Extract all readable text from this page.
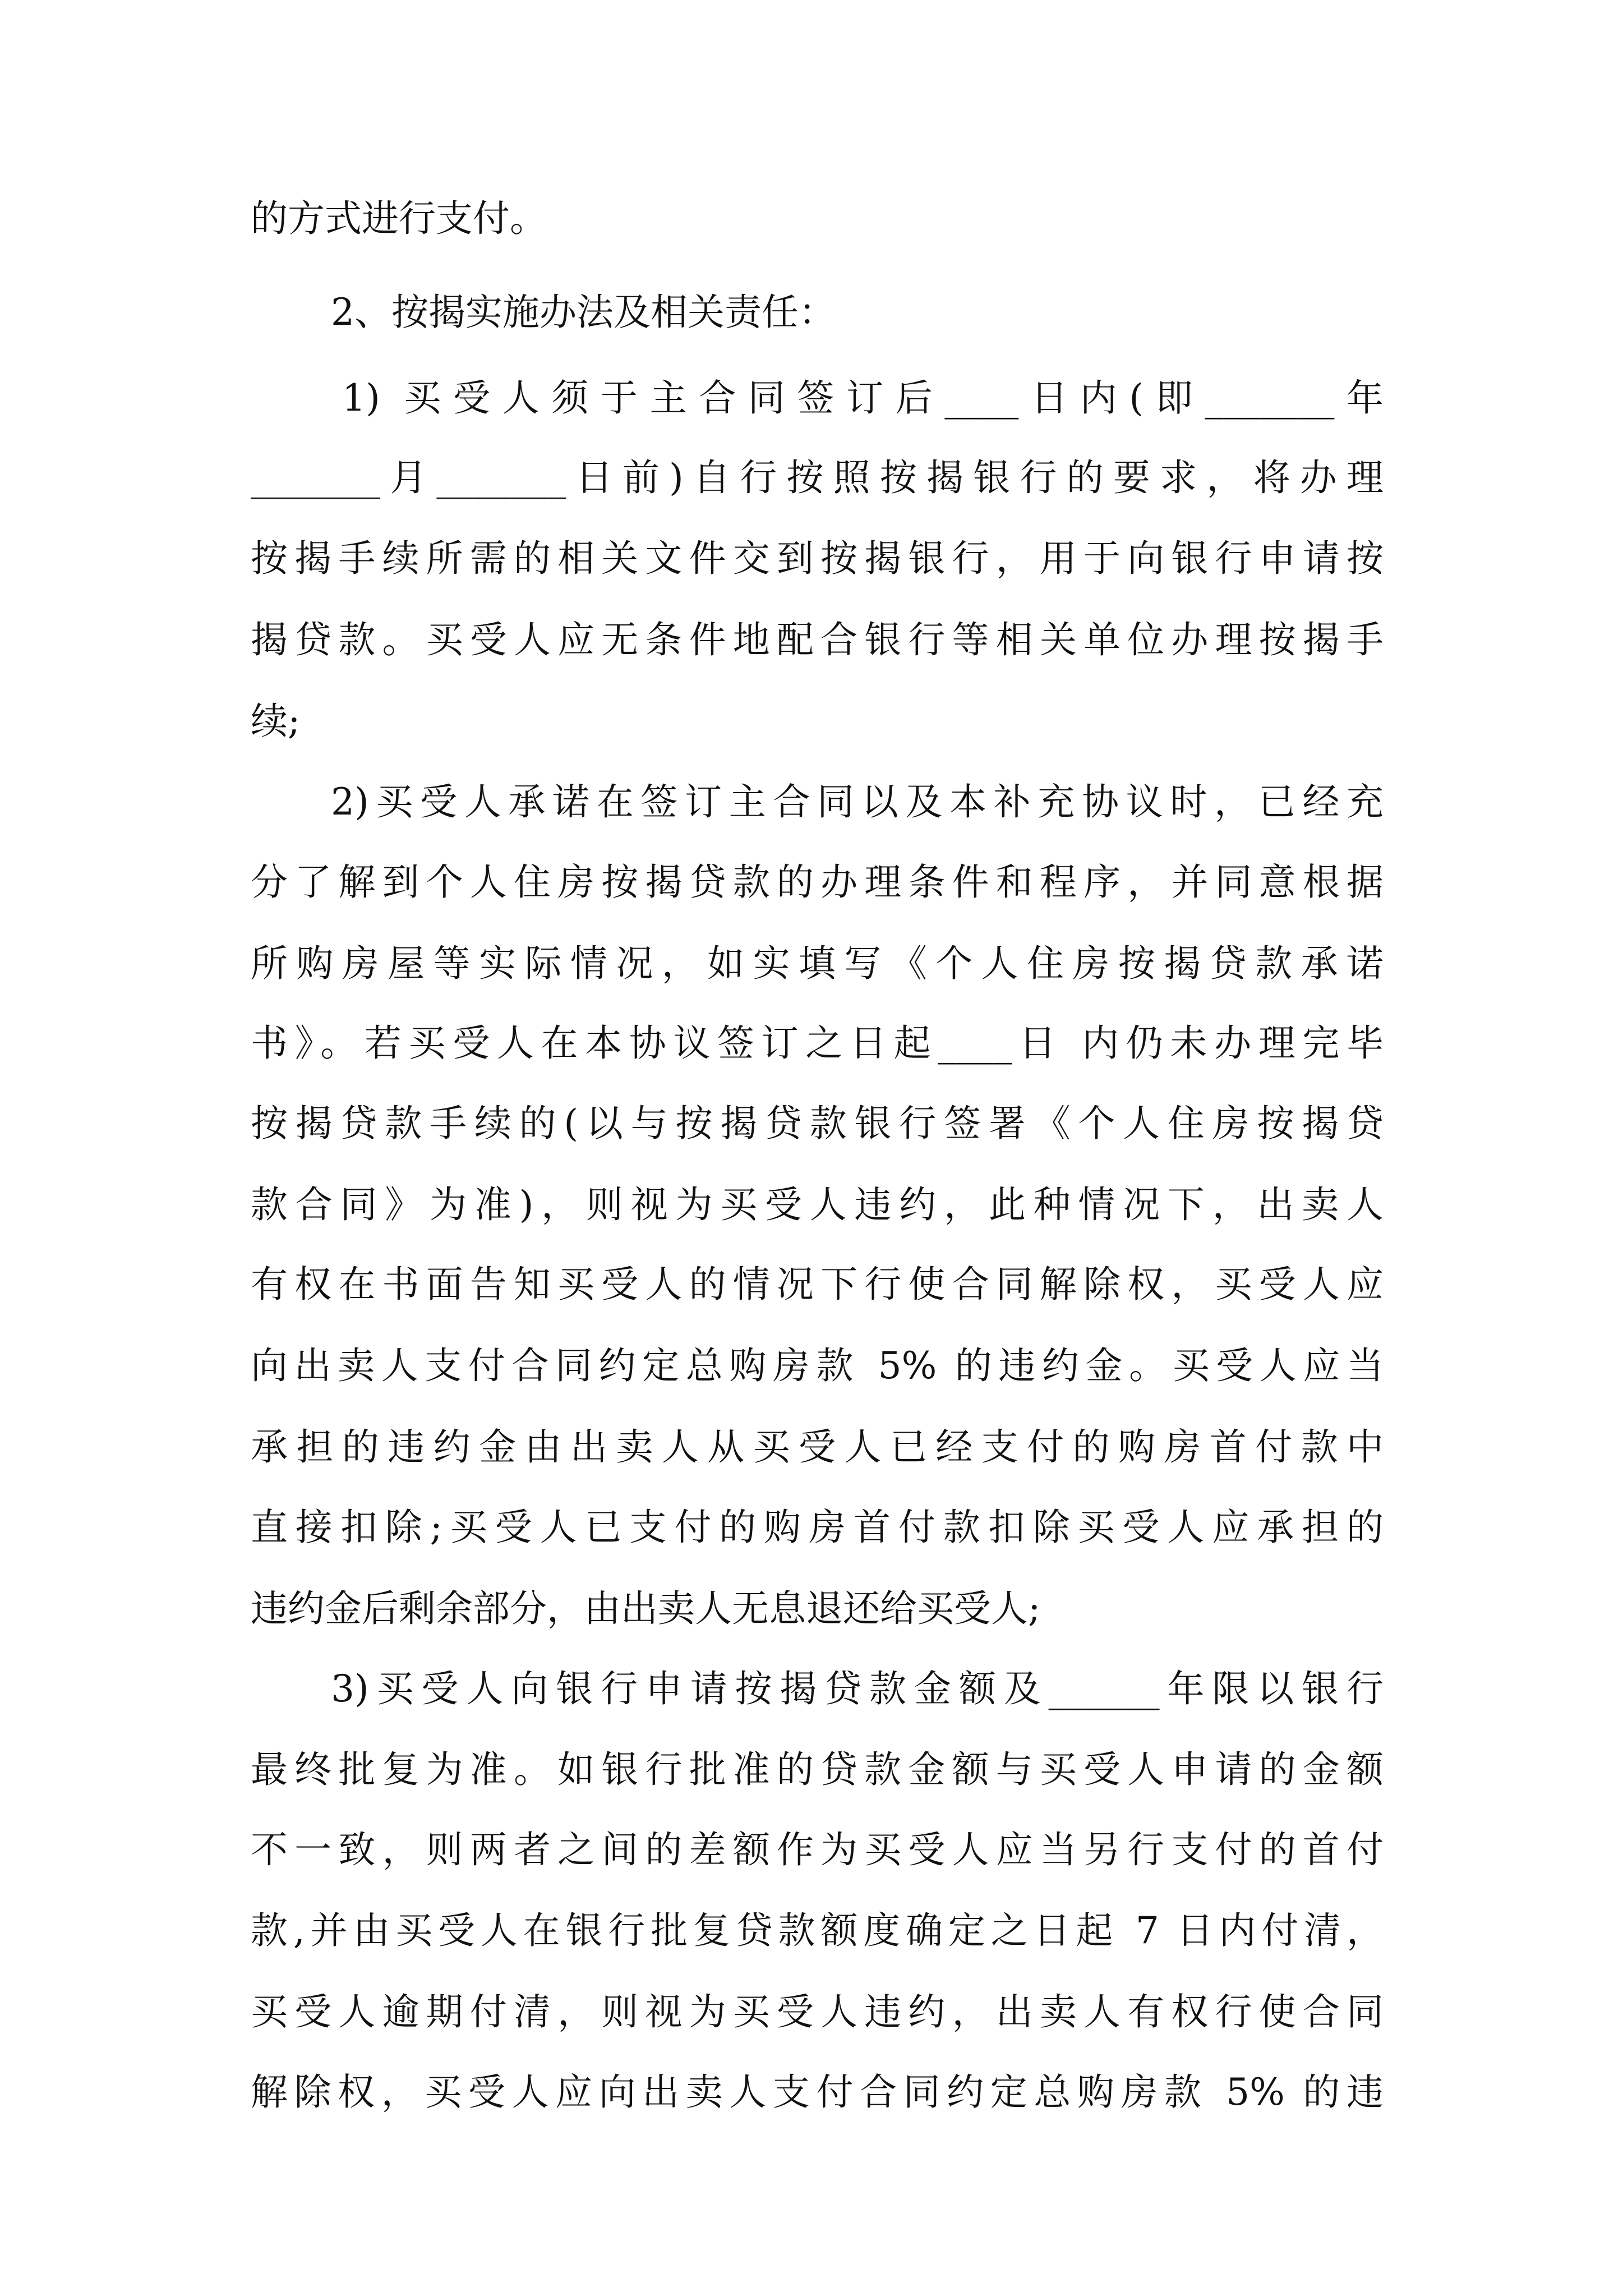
的方式进行支付。
2、按揭实施办法及相关责任：
1) 买受人须于主合同签订后____日内(即_______年
_______月_______日前)自行按照按揭银行的要求，将办理
按揭手续所需的相关文件交到按揭银行，用于向银行申请按
揭贷款。买受人应无条件地配合银行等相关单位办理按揭手
续;
2)买受人承诺在签订主合同以及本补充协议时，已经充
分了解到个人住房按揭贷款的办理条件和程序，并同意根据
所购房屋等实际情况，如实填写《个人住房按揭贷款承诺
书》。若买受人在本协议签订之日起____日 内仍未办理完毕
按揭贷款手续的(以与按揭贷款银行签署《个人住房按揭贷
款合同》为准)，则视为买受人违约，此种情况下，出卖人
有权在书面告知买受人的情况下行使合同解除权，买受人应
向出卖人支付合同约定总购房款 5% 的违约金。买受人应当
承担的违约金由出卖人从买受人已经支付的购房首付款中
直接扣除;买受人已支付的购房首付款扣除买受人应承担的
违约金后剩余部分，由出卖人无息退还给买受人;
3)买受人向银行申请按揭贷款金额及______年限以银行
最终批复为准。如银行批准的贷款金额与买受人申请的金额
不一致，则两者之间的差额作为买受人应当另行支付的首付
款,并由买受人在银行批复贷款额度确定之日起 7 日内付清，
买受人逾期付清，则视为买受人违约，出卖人有权行使合同
解除权，买受人应向出卖人支付合同约定总购房款 5% 的违
